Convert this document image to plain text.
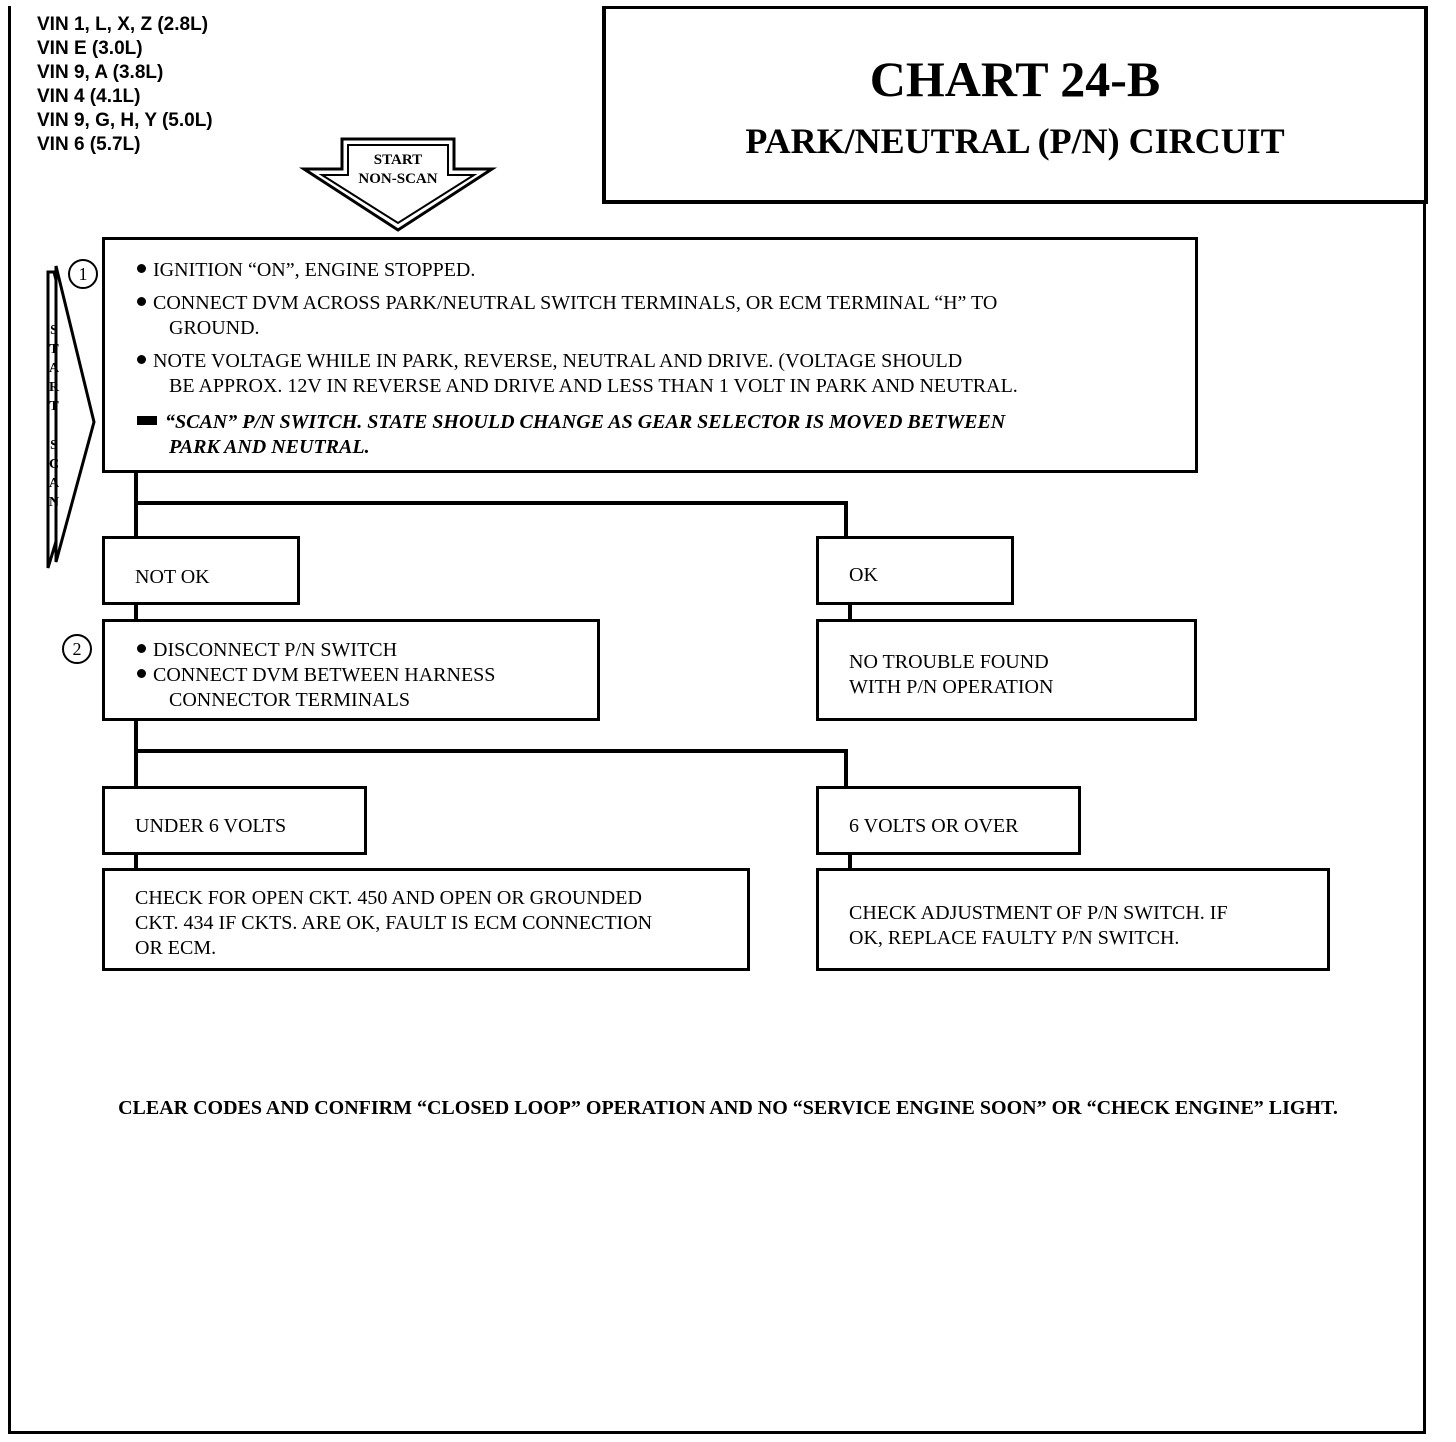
VIN 1, L, X, Z (2.8L)
VIN E (3.0L)
VIN 9, A (3.8L)
VIN 4 (4.1L)
VIN 9, G, H, Y (5.0L)
VIN 6 (5.7L)
CHART 24-B
PARK/NEUTRAL (P/N) CIRCUIT
START
NON-SCAN
S
T
A
R
T
S
C
A
N
1	IGNITION “ON”, ENGINE STOPPED.
CONNECT DVM ACROSS PARK/NEUTRAL SWITCH TERMINALS, OR ECM TERMINAL “H” TO
GROUND.
NOTE VOLTAGE WHILE IN PARK, REVERSE, NEUTRAL AND DRIVE. (VOLTAGE SHOULD
BE APPROX. 12V IN REVERSE AND DRIVE AND LESS THAN 1 VOLT IN PARK AND NEUTRAL.
“SCAN” P/N SWITCH. STATE SHOULD CHANGE AS GEAR SELECTOR IS MOVED BETWEEN
PARK AND NEUTRAL.
NOT OK	OK
2	DISCONNECT P/N SWITCH
CONNECT DVM BETWEEN HARNESS
CONNECTOR TERMINALS
NO TROUBLE FOUND
WITH P/N OPERATION
UNDER 6 VOLTS	6 VOLTS OR OVER
CHECK FOR OPEN CKT. 450 AND OPEN OR GROUNDED
CKT. 434 IF CKTS. ARE OK, FAULT IS ECM CONNECTION
OR ECM.
CHECK ADJUSTMENT OF P/N SWITCH. IF
OK, REPLACE FAULTY P/N SWITCH.
CLEAR CODES AND CONFIRM “CLOSED LOOP” OPERATION AND NO “SERVICE ENGINE SOON” OR “CHECK ENGINE” LIGHT.
